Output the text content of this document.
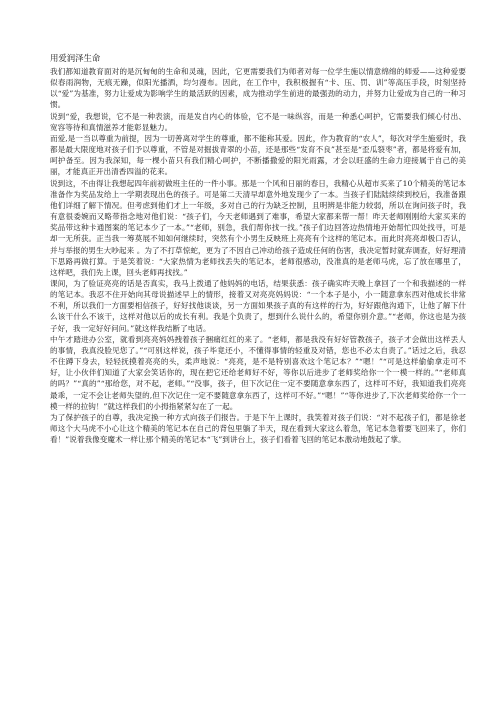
用爱润泽生命

我们都知道教育面对的是沉甸甸的生命和灵魂，因此，它更需要我们为师者对每一位学生施以情意绵绵的师爱——这种爱要似春雨润物，无痕无躁，似阳光播洒，均匀漫布。因此，在工作中，我积极握有“卡、压、罚、训”等高压手段，时刻坚持以“爱”为基准，努力让爱成为影响学生的最活跃的因素，成为推动学生前进的最强劲的动力，并努力让爱成为自己的一种习惯。

说到“爱，我想说，它不是一种表演，而是发自内心的体验，它不是一味纵容，而是一种悉心呵护，它需要我们倾心付出、宽容等待和真情滋养才能彰显魅力。

而爱,是一当以尊重为前提，因为一切善离对学生的尊重，都不能称其爱。因此，作为教育的“农人”，每次对学生施爱时，我都是最大限度地对孩子们予以尊重，不管是对掘拔青翠的小苗，还是那些“发育不良”甚至是“歪瓜裂枣”者，都是将爱有加，呵护备至。因为我深知，每一棵小苗只有我们精心呵护，不断播撒爱的阳光雨露，才会以旺盛的生命力迎接属于自己的美丽，才能真正开出清香四溢的花来。

说到这，不由得让我想起四年前初做班主任的一件小事。那是一个风和日丽的春日，我精心从超市买来了10个精美的笔记本准备作为奖品发给上一学期表现出色的孩子。可是第二天清早却意外地发现少了一本。当孩子们陆陆续续到校后，我准备跟他们详细了解下情况。但考虑到他们才上一年级，多对自己的行为缺乏控制，且明辨是非能力较弱，所以在询问孩子时，我有意很委婉而又略带指念地对他们说：“孩子们，今天老师遇到了难事，希望大家都来帮一帮！昨天老师刚刚给大家买来的奖品带这种卡通图案的笔记本少了一本。”“老师，别急，我们帮你找一找。”孩子们边回答边热情地开始帮忙四处找寻，可是却一无所获。正当我一筹莫展不知如何继续时，突然有个小男生反映班上亮亮有个这样的笔记本。而此时亮亮却极口否认，并与举报的男生大吵起来 。为了不打草惊蛇，更为了不因自己冲动给孩子造成任何的伤害，我决定暂时就弃调查，好好理清下思路再做打算。于是笑着说：“大家热情为老师找丢失的笔记本，老师很感动，没准真的是老师马虎，忘了放在哪里了，这样吧，我们先上课，回头老师再找找。”

课间，为了验证亮亮的话是否真实，我马上拨通了他妈妈的电话，结果获悉：孩子确实昨天晚上拿回了一个和我描述的一样的笔记本。我忍不住开始向其母说描述早上的情形，接着又对亮亮妈妈说：“一个本子是小，小一随意拿东西对他成长非常不利，所以我们一方面要相信孩子，好好找他谈谈，另一方面如果孩子真的有这样的行为，好好跟他沟通下，让他了解下什么该干什么不该干，这样对他以后的成长有利。我是个负责了，想到什么说什么的，希望你别介意。”“老师，你这也是为孩子好，我一定好好问问。”就这样我结断了电话。

中午才踏进办公室，就看到亮亮妈妈拽着孩子捆痛红红的来了。“老师，都是我没有好好管教孩子，孩子才会做出这样丢人的事情，我真没脸见您了。”“可别这样说，孩子毕竟还小，不懂得事情的轻重及对错，您也不必太自责了。”话过之后，我忍不住蹲下身去，轻轻抚摸着亮亮的头，柔声地说：“亮亮，是不是特别喜欢这个笔记本？”“嗯！”“可是这样偷偷拿走可不好，让小伙伴们知道了大家会笑话你的，现在把它还给老师好不好，等你以后进步了老师奖给你一个一模一样的。”“老师真的吗？”“真的”“那给您，对不起，老师。”“没事，孩子，但下次记住一定不要随意拿东西了，这样可不好，我知道我们亮亮最乖，一定不会让老师失望的,但下次记住一定不要随意拿东西了，这样可不好。”“嗯！”“等你进步了,下次老师奖给你一个一模一样的拉钩！”就这样我们的小拇指紧紧勾在了一起。

为了保护孩子的自尊，我决定换一种方式向孩子们报告。于是下午上课时，我笑着对孩子们说：“对不起孩子们，都是徐老师这个大马虎不小心让这个精美的笔记本在自己的背包里躺了半天，现在看到大家这么着急，笔记本急着要飞回来了，你们看！”说着我像变魔术一样让那个精美的笔记本“飞”到讲台上，孩子们看着飞回的笔记本激动地鼓起了掌。
